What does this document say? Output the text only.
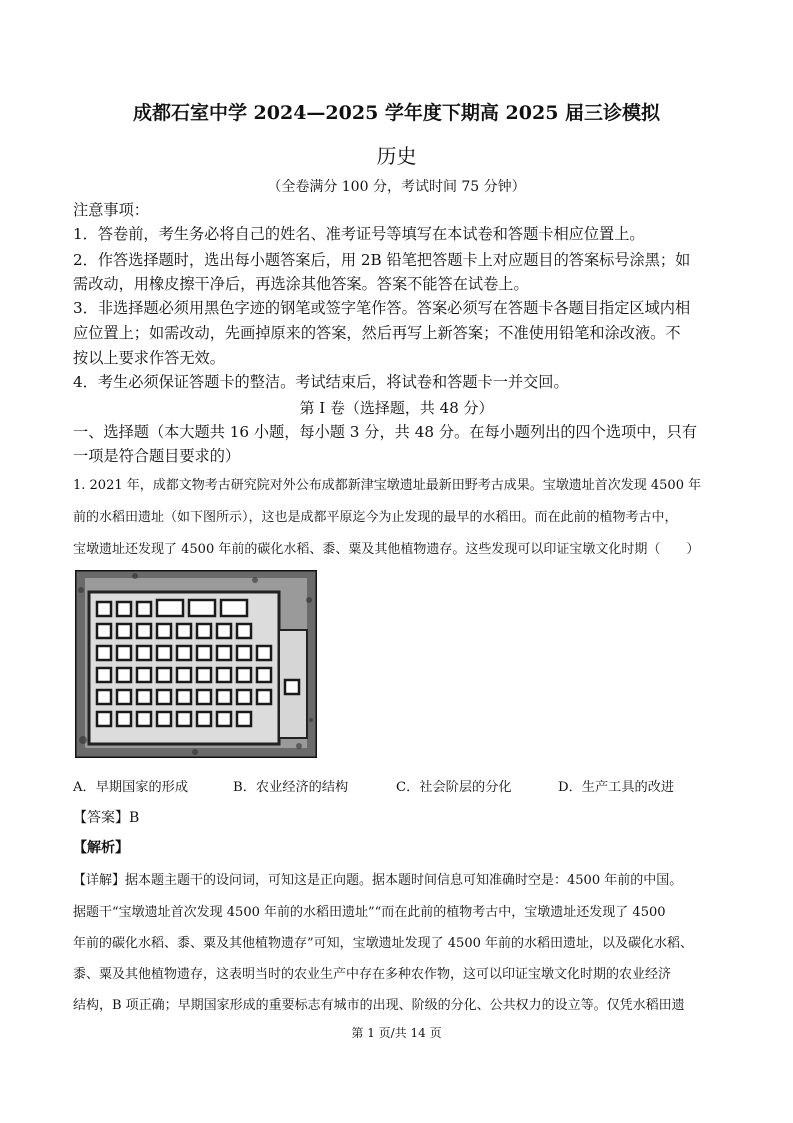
成都石室中学 2024—2025 学年度下期高 2025 届三诊模拟
历史
（全卷满分 100 分，考试时间 75 分钟）
注意事项：
1．答卷前，考生务必将自己的姓名、准考证号等填写在本试卷和答题卡相应位置上。
2．作答选择题时，选出每小题答案后，用 2B 铅笔把答题卡上对应题目的答案标号涂黑；如
需改动，用橡皮擦干净后，再选涂其他答案。答案不能答在试卷上。
3．非选择题必须用黑色字迹的钢笔或签字笔作答。答案必须写在答题卡各题目指定区域内相
应位置上；如需改动，先画掉原来的答案，然后再写上新答案；不准使用铅笔和涂改液。不
按以上要求作答无效。
4．考生必须保证答题卡的整洁。考试结束后，将试卷和答题卡一并交回。
第 I 卷（选择题，共 48 分）
一、选择题（本大题共 16 小题，每小题 3 分，共 48 分。在每小题列出的四个选项中，只有
一项是符合题目要求的）
1. 2021 年，成都文物考古研究院对外公布成都新津宝墩遗址最新田野考古成果。宝墩遗址首次发现 4500 年
前的水稻田遗址（如下图所示），这也是成都平原迄今为止发现的最早的水稻田。而在此前的植物考古中，
宝墩遗址还发现了 4500 年前的碳化水稻、黍、粟及其他植物遗存。这些发现可以印证宝墩文化时期（　　）
A．早期国家的形成	B．农业经济的结构	C．社会阶层的分化	D．生产工具的改进
【答案】B
【解析】
【详解】据本题主题干的设问词，可知这是正向题。据本题时间信息可知准确时空是：4500 年前的中国。
据题干“宝墩遗址首次发现 4500 年前的水稻田遗址”“而在此前的植物考古中，宝墩遗址还发现了 4500
年前的碳化水稻、黍、粟及其他植物遗存”可知，宝墩遗址发现了 4500 年前的水稻田遗址，以及碳化水稻、
黍、粟及其他植物遗存，这表明当时的农业生产中存在多种农作物，这可以印证宝墩文化时期的农业经济
结构，B 项正确；早期国家形成的重要标志有城市的出现、阶级的分化、公共权力的设立等。仅凭水稻田遗
第 1 页/共 14 页
